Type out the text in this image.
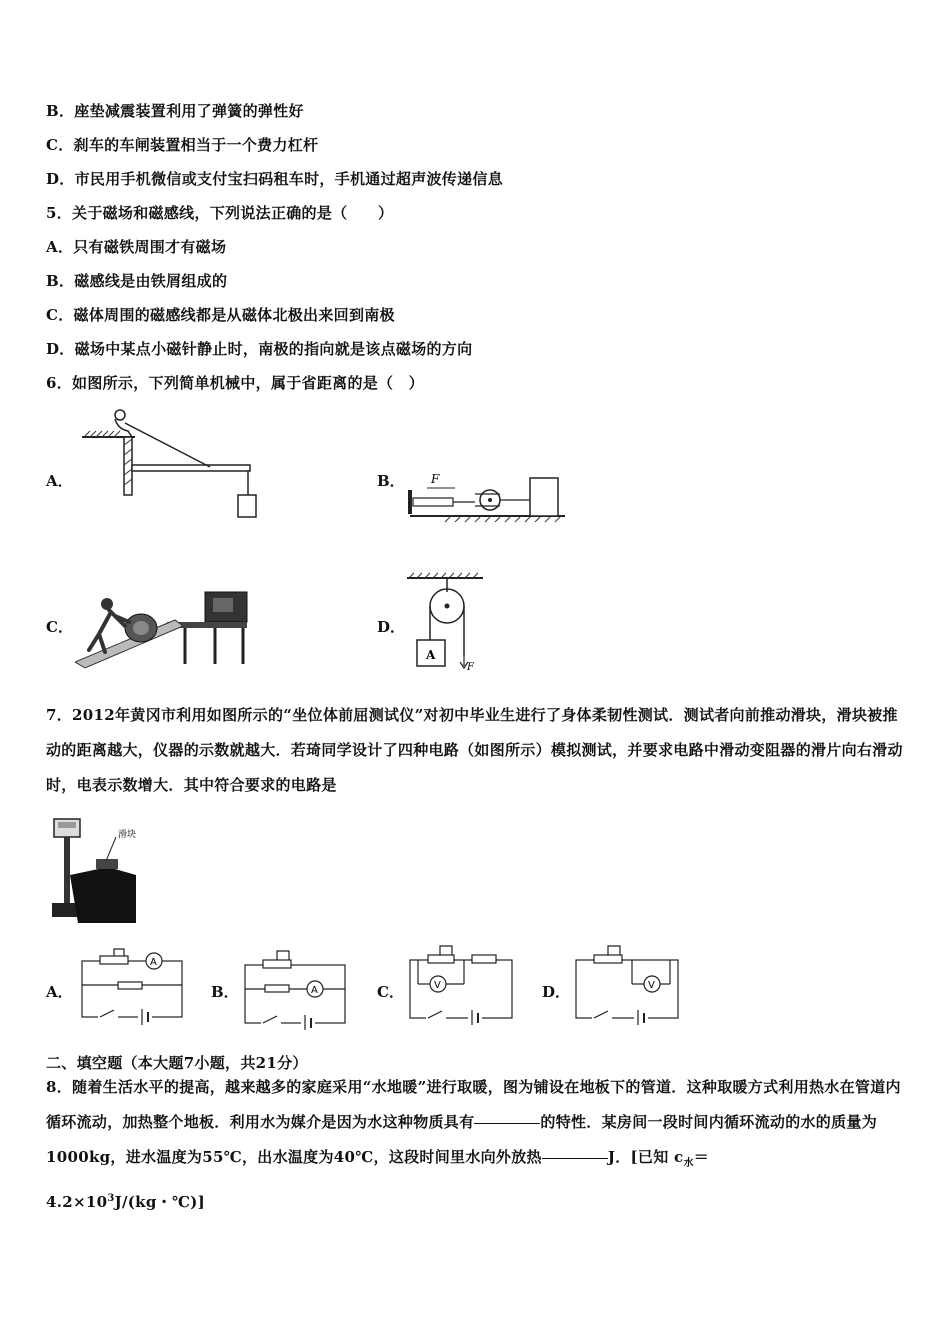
B．座垫减震装置利用了弹簧的弹性好
C．刹车的车闸装置相当于一个费力杠杆
D．市民用手机微信或支付宝扫码租车时，手机通过超声波传递信息
5．关于磁场和磁感线，下列说法正确的是（　　）
A．只有磁铁周围才有磁场
B．磁感线是由铁屑组成的
C．磁体周围的磁感线都是从磁体北极出来回到南极
D．磁场中某点小磁针静止时，南极的指向就是该点磁场的方向
6．如图所示，下列简单机械中，属于省距离的是（　）
A．	B． F
C．	D．
A
F
7．2012年黄冈市利用如图所示的“坐位体前屈测试仪”对初中毕业生进行了身体柔韧性测试．测试者向前推动滑块，滑块被推动的距离越大，仪器的示数就越大．若琦同学设计了四种电路（如图所示）模拟测试，并要求电路中滑动变阻器的滑片向右滑动时，电表示数增大．其中符合要求的电路是
滑块
A．
A
B．	A	C．	V	D．	V
二、填空题（本大题7小题，共21分）
8．随着生活水平的提高，越来越多的家庭采用“水地暖”进行取暖，图为铺设在地板下的管道．这种取暖方式利用热水在管道内循环流动，加热整个地板．利用水为媒介是因为水这种物质具有	的特性．某房间一段时间内循环流动的水的质量为1000kg，进水温度为55℃，出水温度为40℃，这段时间里水向外放热	J．[已知 $c_水=$
$4.2\times 10^3J/(kg$・℃)]
